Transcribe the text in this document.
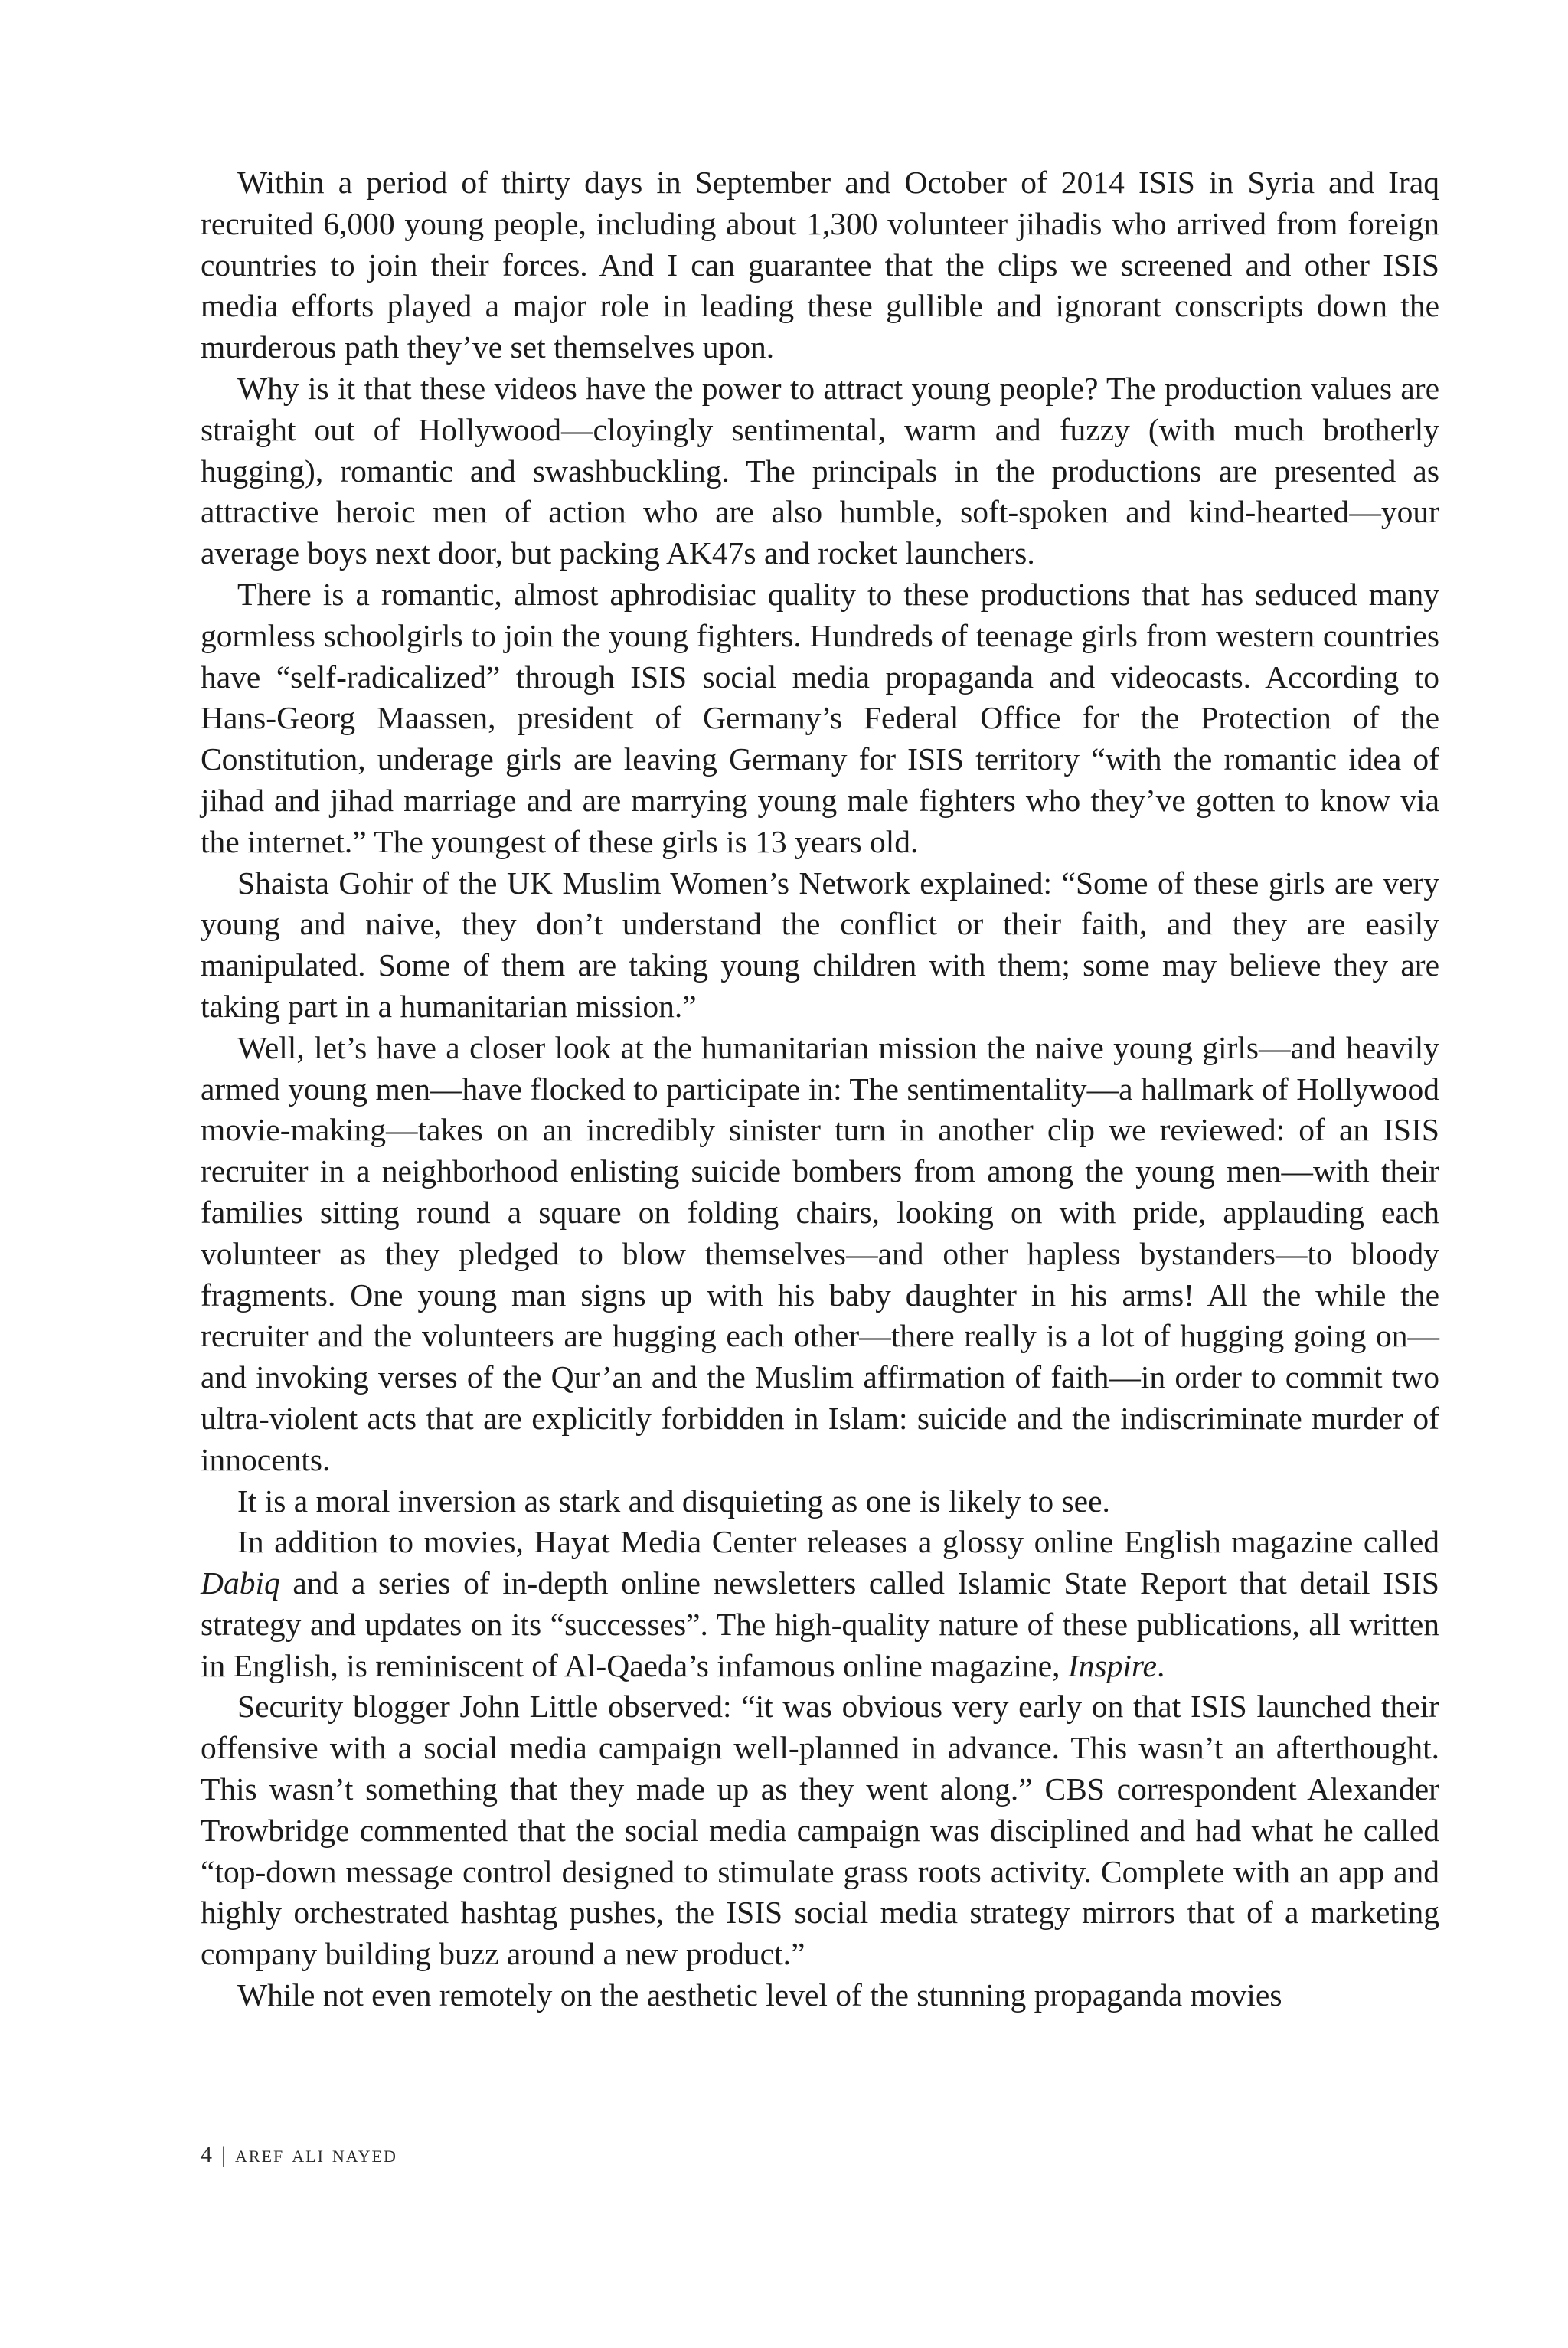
Within a period of thirty days in September and October of 2014 ISIS in Syria and Iraq recruited 6,000 young people, including about 1,300 volunteer jihadis who arrived from foreign countries to join their forces. And I can guarantee that the clips we screened and other ISIS media efforts played a major role in leading these gullible and ignorant conscripts down the murderous path they’ve set themselves upon.

Why is it that these videos have the power to attract young people? The production values are straight out of Hollywood—cloyingly sentimental, warm and fuzzy (with much brotherly hugging), romantic and swashbuckling. The principals in the productions are presented as attractive heroic men of action who are also humble, soft-spoken and kind-hearted—your average boys next door, but packing AK47s and rocket launchers.

There is a romantic, almost aphrodisiac quality to these productions that has seduced many gormless schoolgirls to join the young fighters. Hundreds of teenage girls from western countries have “self-radicalized” through ISIS social media propaganda and videocasts. According to Hans-Georg Maassen, president of Germany’s Federal Office for the Protection of the Constitution, underage girls are leaving Germany for ISIS territory “with the romantic idea of jihad and jihad marriage and are marrying young male fighters who they’ve gotten to know via the internet.” The youngest of these girls is 13 years old.

Shaista Gohir of the UK Muslim Women’s Network explained: “Some of these girls are very young and naive, they don’t understand the conflict or their faith, and they are easily manipulated. Some of them are taking young children with them; some may believe they are taking part in a humanitarian mission.”

Well, let’s have a closer look at the humanitarian mission the naive young girls—and heavily armed young men—have flocked to participate in: The sentimentality—a hallmark of Hollywood movie-making—takes on an incredibly sinister turn in another clip we reviewed: of an ISIS recruiter in a neighborhood enlisting suicide bombers from among the young men—with their families sitting round a square on folding chairs, looking on with pride, applauding each volunteer as they pledged to blow themselves—and other hapless bystanders—to bloody fragments. One young man signs up with his baby daughter in his arms! All the while the recruiter and the volunteers are hugging each other—there really is a lot of hugging going on—and invoking verses of the Qur’an and the Muslim affirmation of faith—in order to commit two ultra-violent acts that are explicitly forbidden in Islam: suicide and the indiscriminate murder of innocents.

It is a moral inversion as stark and disquieting as one is likely to see.

In addition to movies, Hayat Media Center releases a glossy online English magazine called Dabiq and a series of in-depth online newsletters called Islamic State Report that detail ISIS strategy and updates on its “successes”. The high-quality nature of these publications, all written in English, is reminiscent of Al-Qaeda’s infamous online magazine, Inspire.

Security blogger John Little observed: “it was obvious very early on that ISIS launched their offensive with a social media campaign well-planned in advance. This wasn’t an afterthought. This wasn’t something that they made up as they went along.” CBS correspondent Alexander Trowbridge commented that the social media campaign was disciplined and had what he called “top-down message control designed to stimulate grass roots activity. Complete with an app and highly orchestrated hashtag pushes, the ISIS social media strategy mirrors that of a marketing company building buzz around a new product.”

While not even remotely on the aesthetic level of the stunning propaganda movies

4 | aref ali nayed
